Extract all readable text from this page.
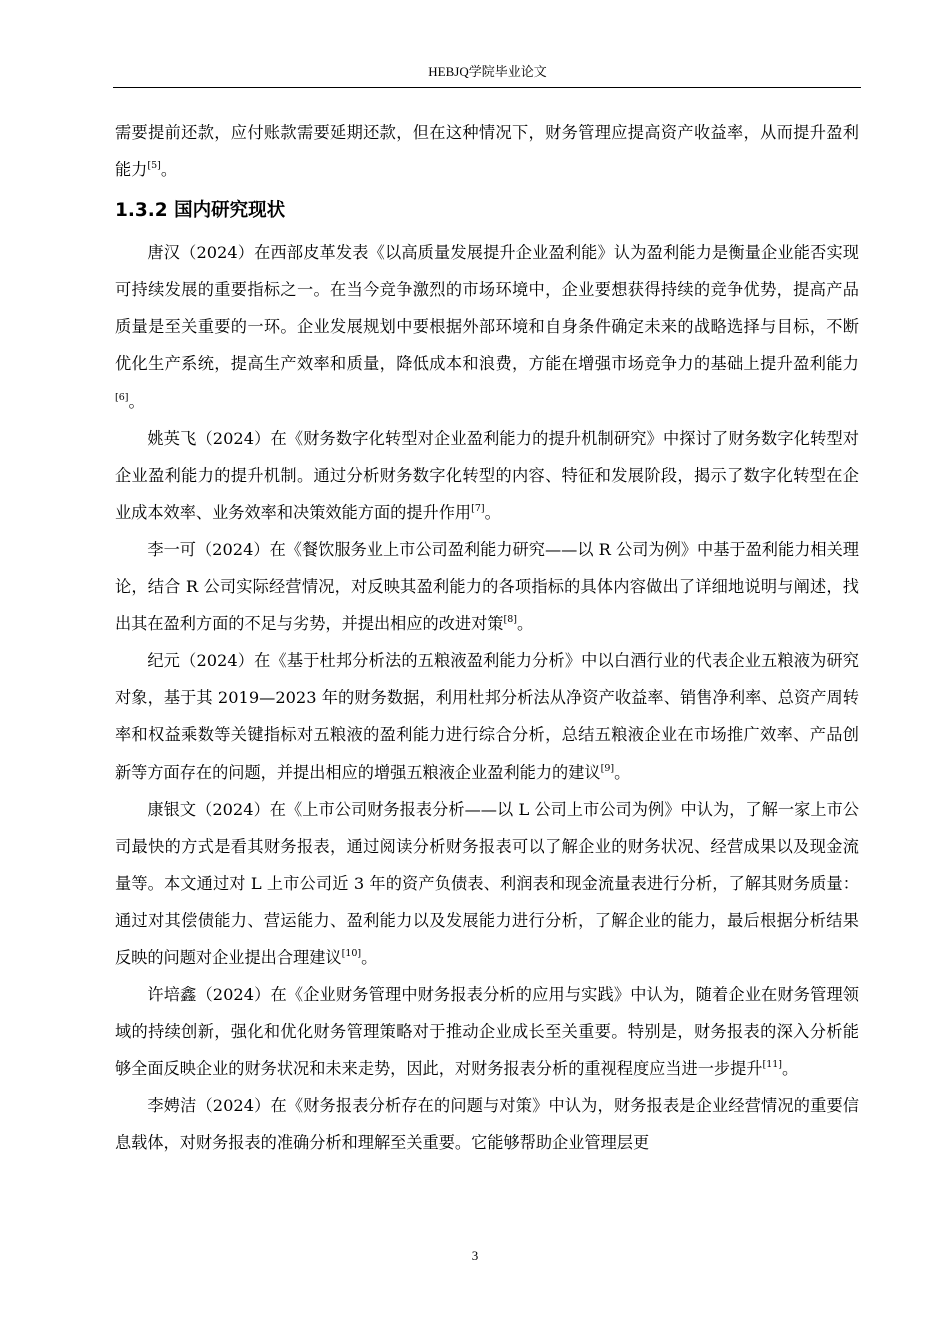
HEBJQ学院毕业论文

需要提前还款，应付账款需要延期还款，但在这种情况下，财务管理应提高资产收益率，从而提升盈利能力[5]。

1.3.2 国内研究现状

唐汉（2024）在西部皮革发表《以高质量发展提升企业盈利能》认为盈利能力是衡量企业能否实现可持续发展的重要指标之一。在当今竞争激烈的市场环境中，企业要想获得持续的竞争优势，提高产品质量是至关重要的一环。企业发展规划中要根据外部环境和自身条件确定未来的战略选择与目标，不断优化生产系统，提高生产效率和质量，降低成本和浪费，方能在增强市场竞争力的基础上提升盈利能力[6]。

姚英飞（2024）在《财务数字化转型对企业盈利能力的提升机制研究》中探讨了财务数字化转型对企业盈利能力的提升机制。通过分析财务数字化转型的内容、特征和发展阶段，揭示了数字化转型在企业成本效率、业务效率和决策效能方面的提升作用[7]。

李一可（2024）在《餐饮服务业上市公司盈利能力研究——以 R 公司为例》中基于盈利能力相关理论，结合 R 公司实际经营情况，对反映其盈利能力的各项指标的具体内容做出了详细地说明与阐述，找出其在盈利方面的不足与劣势，并提出相应的改进对策[8]。

纪元（2024）在《基于杜邦分析法的五粮液盈利能力分析》中以白酒行业的代表企业五粮液为研究对象，基于其 2019—2023 年的财务数据，利用杜邦分析法从净资产收益率、销售净利率、总资产周转率和权益乘数等关键指标对五粮液的盈利能力进行综合分析，总结五粮液企业在市场推广效率、产品创新等方面存在的问题，并提出相应的增强五粮液企业盈利能力的建议[9]。

康银文（2024）在《上市公司财务报表分析——以 L 公司上市公司为例》中认为，了解一家上市公司最快的方式是看其财务报表，通过阅读分析财务报表可以了解企业的财务状况、经营成果以及现金流量等。本文通过对 L 上市公司近 3 年的资产负债表、利润表和现金流量表进行分析，了解其财务质量：通过对其偿债能力、营运能力、盈利能力以及发展能力进行分析，了解企业的能力，最后根据分析结果反映的问题对企业提出合理建议[10]。

许培鑫（2024）在《企业财务管理中财务报表分析的应用与实践》中认为，随着企业在财务管理领域的持续创新，强化和优化财务管理策略对于推动企业成长至关重要。特别是，财务报表的深入分析能够全面反映企业的财务状况和未来走势，因此，对财务报表分析的重视程度应当进一步提升[11]。

李娉洁（2024）在《财务报表分析存在的问题与对策》中认为，财务报表是企业经营情况的重要信息载体，对财务报表的准确分析和理解至关重要。它能够帮助企业管理层更

3
